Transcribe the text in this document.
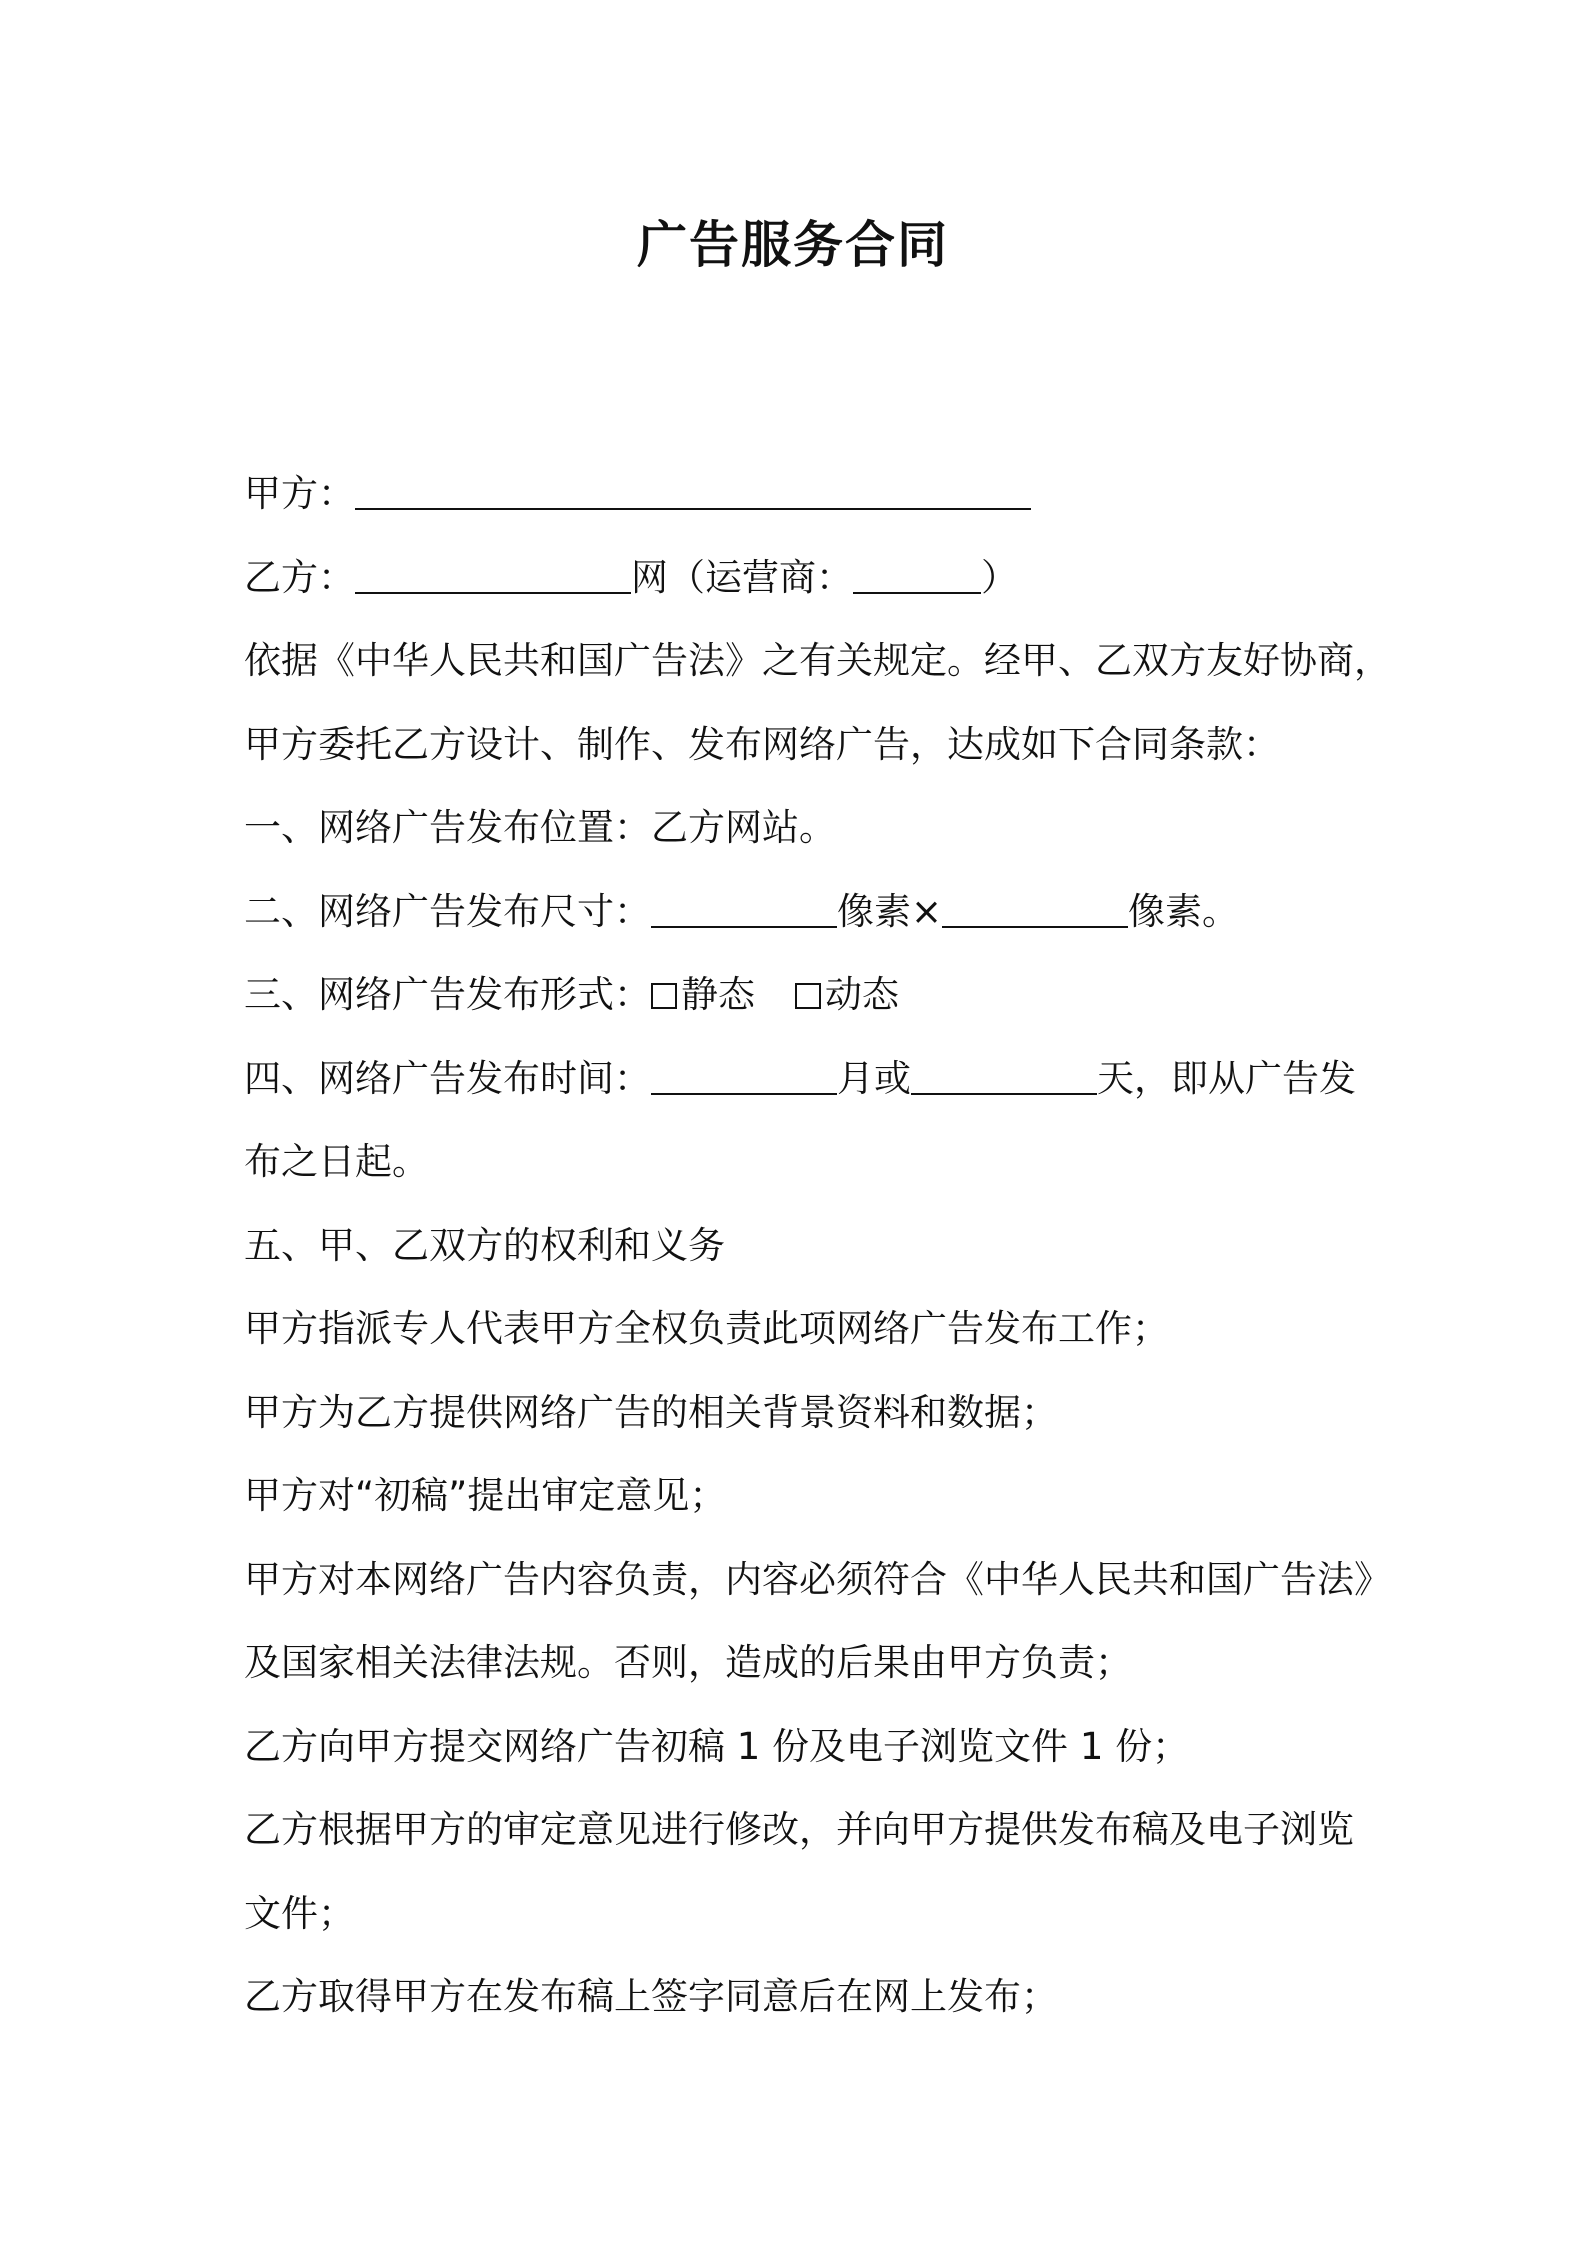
广告服务合同
甲方：
乙方：	网（运营商：	）
依据《中华人民共和国广告法》之有关规定。经甲、乙双方友好协商，
甲方委托乙方设计、制作、发布网络广告，达成如下合同条款：
一、网络广告发布位置：乙方网站。
二、网络广告发布尺寸：	像素×	像素。
三、网络广告发布形式： 静态 动态
四、网络广告发布时间：	月或	天，即从广告发
布之日起。
五、甲、乙双方的权利和义务
甲方指派专人代表甲方全权负责此项网络广告发布工作；
甲方为乙方提供网络广告的相关背景资料和数据；
甲方对“初稿”提出审定意见；
甲方对本网络广告内容负责，内容必须符合《中华人民共和国广告法》
及国家相关法律法规。否则，造成的后果由甲方负责；
乙方向甲方提交网络广告初稿 1 份及电子浏览文件 1 份；
乙方根据甲方的审定意见进行修改，并向甲方提供发布稿及电子浏览
文件；
乙方取得甲方在发布稿上签字同意后在网上发布；
